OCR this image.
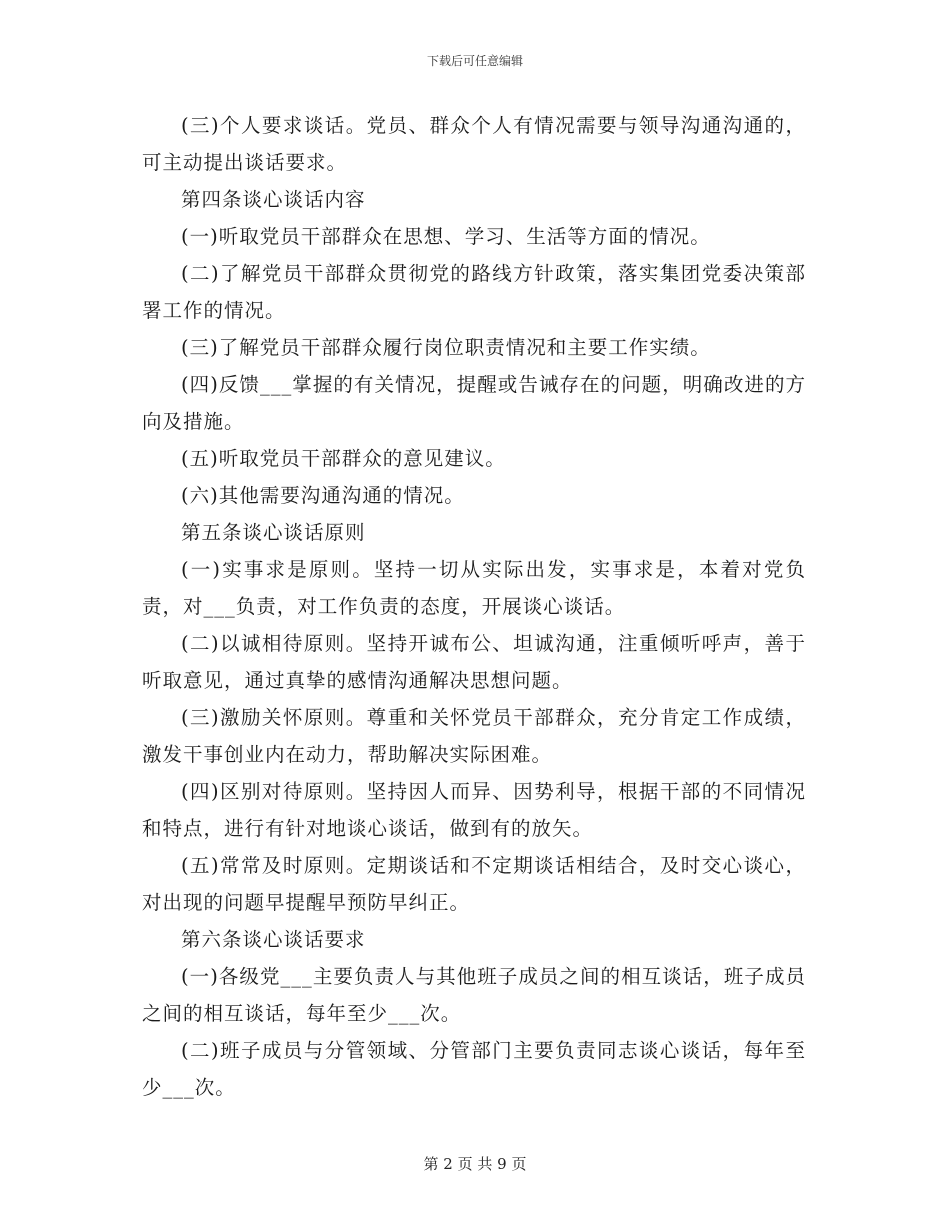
下载后可任意编辑

(三)个人要求谈话。党员、群众个人有情况需要与领导沟通沟通的，可主动提出谈话要求。

第四条谈心谈话内容

(一)听取党员干部群众在思想、学习、生活等方面的情况。

(二)了解党员干部群众贯彻党的路线方针政策，落实集团党委决策部署工作的情况。

(三)了解党员干部群众履行岗位职责情况和主要工作实绩。

(四)反馈___掌握的有关情况，提醒或告诫存在的问题，明确改进的方向及措施。

(五)听取党员干部群众的意见建议。

(六)其他需要沟通沟通的情况。

第五条谈心谈话原则

(一)实事求是原则。坚持一切从实际出发，实事求是，本着对党负责，对___负责，对工作负责的态度，开展谈心谈话。

(二)以诚相待原则。坚持开诚布公、坦诚沟通，注重倾听呼声，善于听取意见，通过真挚的感情沟通解决思想问题。

(三)激励关怀原则。尊重和关怀党员干部群众，充分肯定工作成绩，激发干事创业内在动力，帮助解决实际困难。

(四)区别对待原则。坚持因人而异、因势利导，根据干部的不同情况和特点，进行有针对地谈心谈话，做到有的放矢。

(五)常常及时原则。定期谈话和不定期谈话相结合，及时交心谈心，对出现的问题早提醒早预防早纠正。

第六条谈心谈话要求

(一)各级党___主要负责人与其他班子成员之间的相互谈话，班子成员之间的相互谈话，每年至少___次。

(二)班子成员与分管领域、分管部门主要负责同志谈心谈话，每年至少___次。

第 2 页 共 9 页
